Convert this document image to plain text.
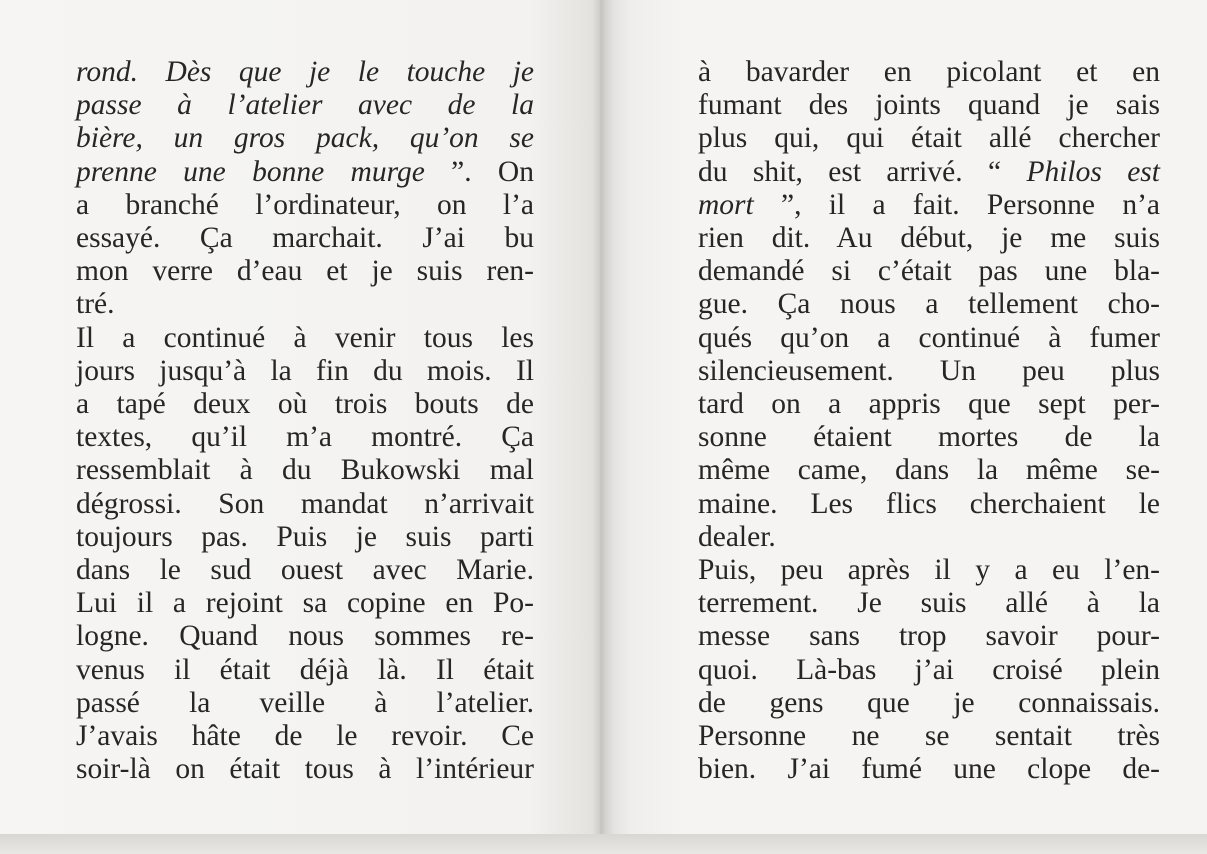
rond. Dès que je le touche je
passe à l’atelier avec de la
bière, un gros pack, qu’on se
prenne une bonne murge ”. On
a branché l’ordinateur, on l’a
essayé. Ça marchait. J’ai bu
mon verre d’eau et je suis ren-
tré.
Il a continué à venir tous les
jours jusqu’à la fin du mois. Il
a tapé deux où trois bouts de
textes, qu’il m’a montré. Ça
ressemblait à du Bukowski mal
dégrossi. Son mandat n’arrivait
toujours pas. Puis je suis parti
dans le sud ouest avec Marie.
Lui il a rejoint sa copine en Po-
logne. Quand nous sommes re-
venus il était déjà là. Il était
passé la veille à l’atelier.
J’avais hâte de le revoir. Ce
soir-là on était tous à l’intérieur
à bavarder en picolant et en
fumant des joints quand je sais
plus qui, qui était allé chercher
du shit, est arrivé. “ Philos est
mort ”, il a fait. Personne n’a
rien dit. Au début, je me suis
demandé si c’était pas une bla-
gue. Ça nous a tellement cho-
qués qu’on a continué à fumer
silencieusement. Un peu plus
tard on a appris que sept per-
sonne étaient mortes de la
même came, dans la même se-
maine. Les flics cherchaient le
dealer.
Puis, peu après il y a eu l’en-
terrement. Je suis allé à la
messe sans trop savoir pour-
quoi. Là-bas j’ai croisé plein
de gens que je connaissais.
Personne ne se sentait très
bien. J’ai fumé une clope de-
